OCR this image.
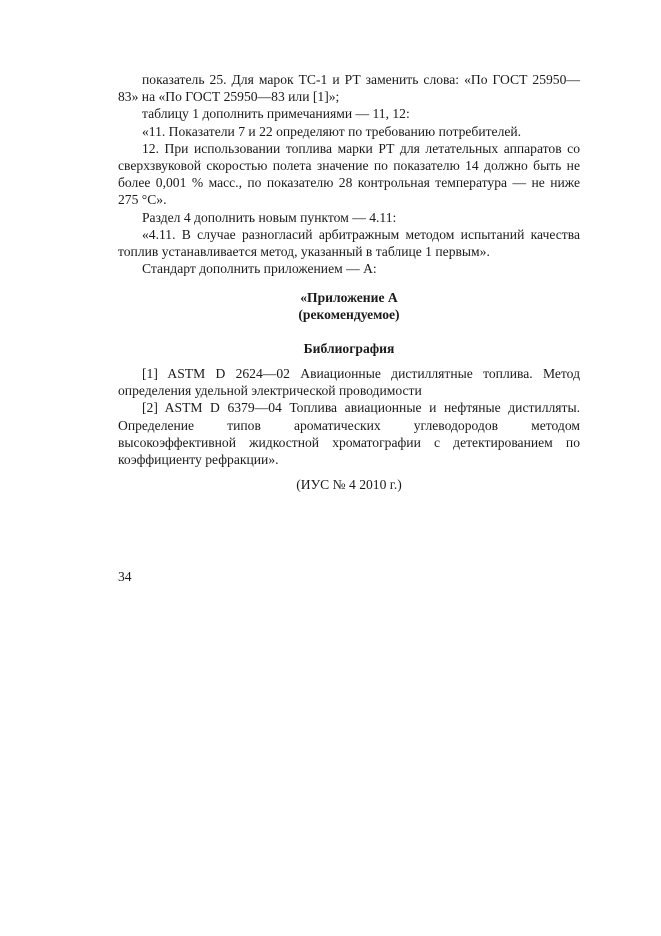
показатель 25. Для марок ТС-1 и РТ заменить слова: «По ГОСТ 25950—83» на «По ГОСТ 25950—83 или [1]»;

таблицу 1 дополнить примечаниями — 11, 12:

«11. Показатели 7 и 22 определяют по требованию потребителей.

12. При использовании топлива марки РТ для летательных аппаратов со сверхзвуковой скоростью полета значение по показателю 14 должно быть не более 0,001 % масс., по показателю 28 контрольная температура — не ниже 275 °С».

Раздел 4 дополнить новым пунктом — 4.11:

«4.11. В случае разногласий арбитражным методом испытаний качества топлив устанавливается метод, указанный в таблице 1 первым».

Стандарт дополнить приложением — А:

«Приложение А
(рекомендуемое)
Библиография

[1] ASTM D 2624—02 Авиационные дистиллятные топлива. Метод определения удельной электрической проводимости

[2] ASTM D 6379—04 Топлива авиационные и нефтяные дистилляты. Определение типов ароматических углеводородов методом высокоэффективной жидкостной хроматографии с детектированием по коэффициенту рефракции».

(ИУС № 4 2010 г.)
34
